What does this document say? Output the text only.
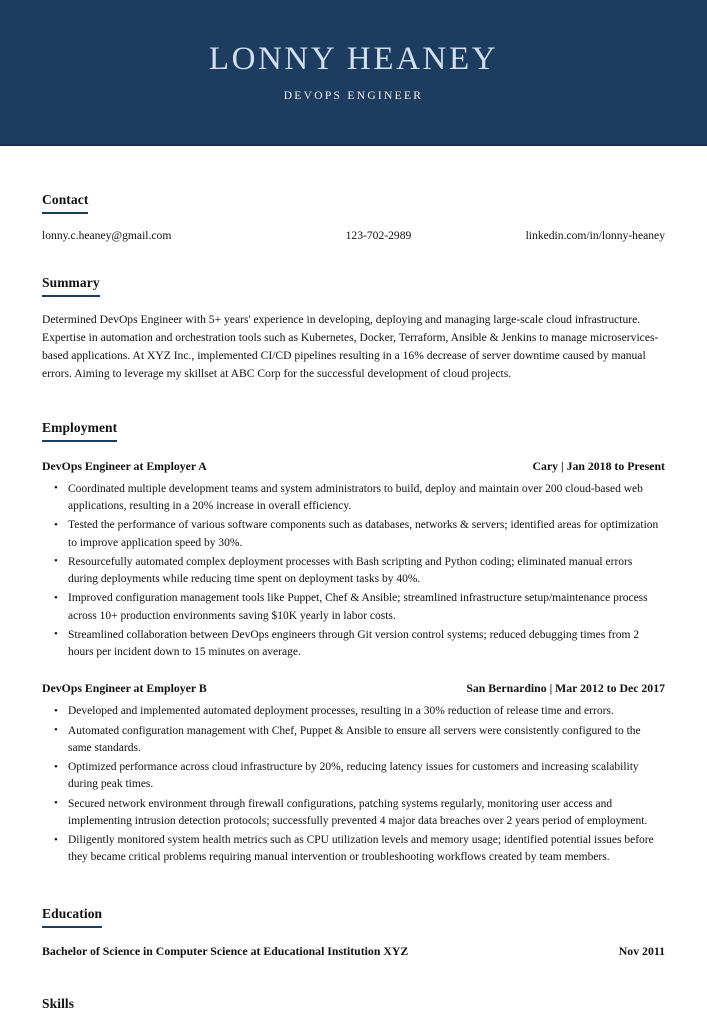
LONNY HEANEY
DEVOPS ENGINEER
Contact
lonny.c.heaney@gmail.com	123-702-2989	linkedin.com/in/lonny-heaney
Summary

Determined DevOps Engineer with 5+ years' experience in developing, deploying and managing large-scale cloud infrastructure. Expertise in automation and orchestration tools such as Kubernetes, Docker, Terraform, Ansible & Jenkins to manage microservices-based applications. At XYZ Inc., implemented CI/CD pipelines resulting in a 16% decrease of server downtime caused by manual errors. Aiming to leverage my skillset at ABC Corp for the successful development of cloud projects.

Employment
DevOps Engineer at Employer A	Cary | Jan 2018 to Present
• Coordinated multiple development teams and system administrators to build, deploy and maintain over 200 cloud-based web applications, resulting in a 20% increase in overall efficiency.
• Tested the performance of various software components such as databases, networks & servers; identified areas for optimization to improve application speed by 30%.
• Resourcefully automated complex deployment processes with Bash scripting and Python coding; eliminated manual errors during deployments while reducing time spent on deployment tasks by 40%.
• Improved configuration management tools like Puppet, Chef & Ansible; streamlined infrastructure setup/maintenance process across 10+ production environments saving $10K yearly in labor costs.
• Streamlined collaboration between DevOps engineers through Git version control systems; reduced debugging times from 2 hours per incident down to 15 minutes on average.
DevOps Engineer at Employer B	San Bernardino | Mar 2012 to Dec 2017
• Developed and implemented automated deployment processes, resulting in a 30% reduction of release time and errors.
• Automated configuration management with Chef, Puppet & Ansible to ensure all servers were consistently configured to the same standards.
• Optimized performance across cloud infrastructure by 20%, reducing latency issues for customers and increasing scalability during peak times.
• Secured network environment through firewall configurations, patching systems regularly, monitoring user access and implementing intrusion detection protocols; successfully prevented 4 major data breaches over 2 years period of employment.
• Diligently monitored system health metrics such as CPU utilization levels and memory usage; identified potential issues before they became critical problems requiring manual intervention or troubleshooting workflows created by team members.
Education
Bachelor of Science in Computer Science at Educational Institution XYZ	Nov 2011
Skills
